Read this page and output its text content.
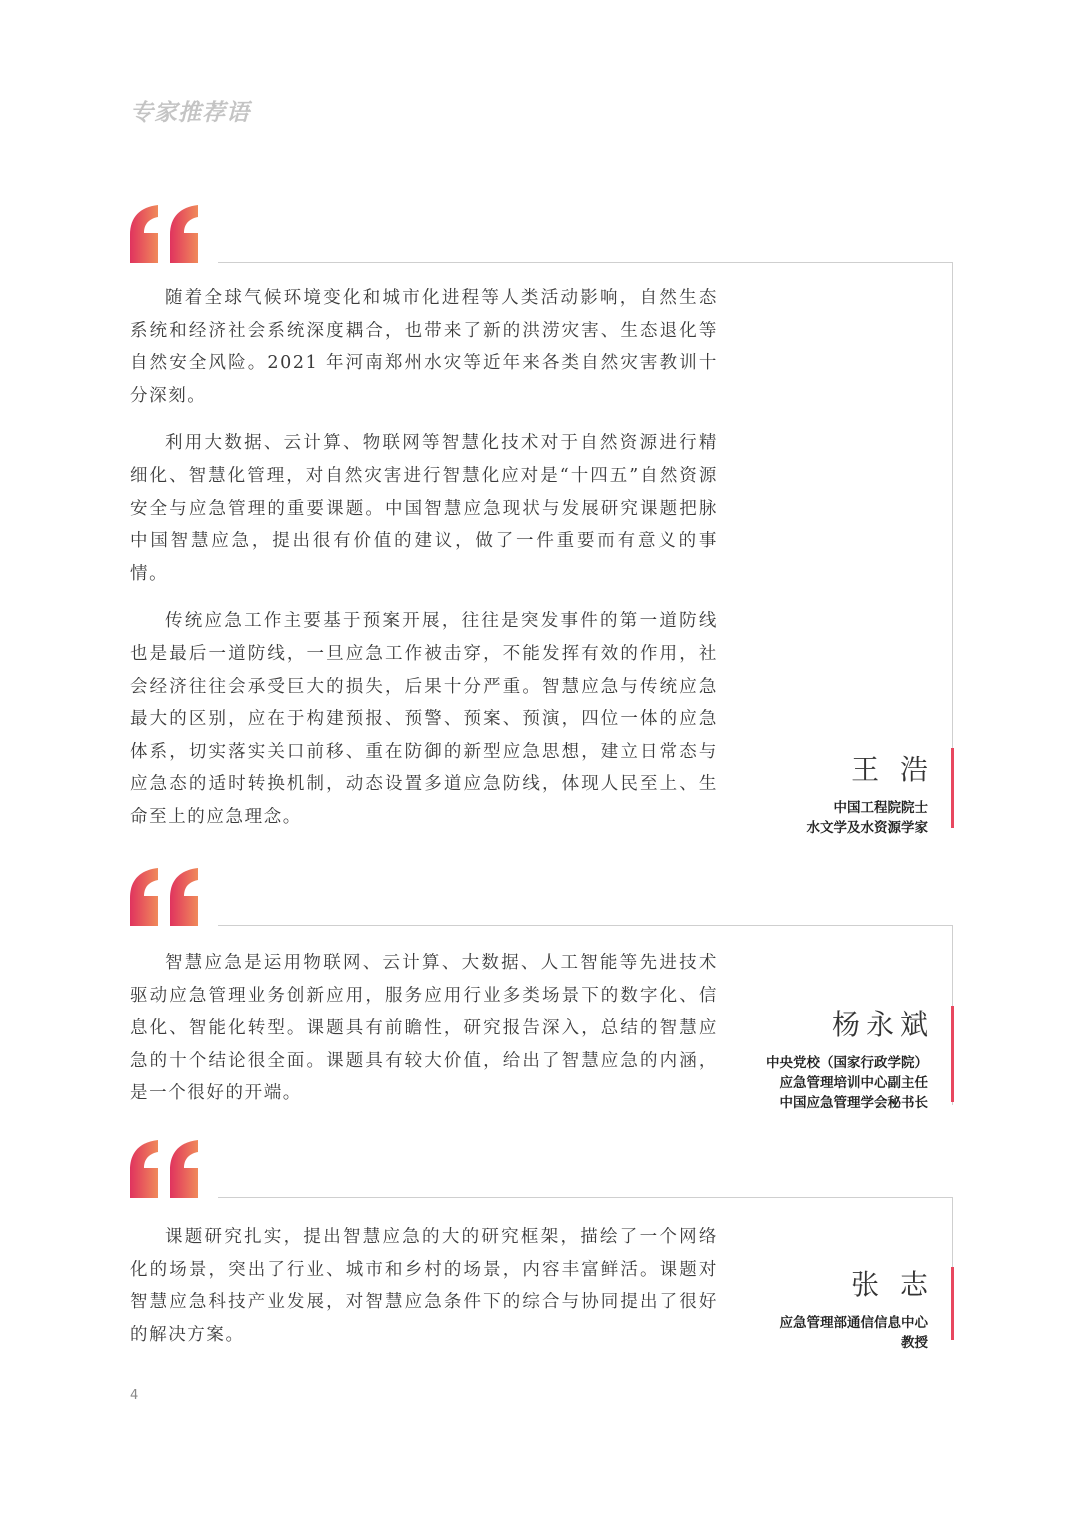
专家推荐语

随着全球气候环境变化和城市化进程等人类活动影响，自然生态系统和经济社会系统深度耦合，也带来了新的洪涝灾害、生态退化等自然安全风险。2021 年河南郑州水灾等近年来各类自然灾害教训十分深刻。

利用大数据、云计算、物联网等智慧化技术对于自然资源进行精细化、智慧化管理，对自然灾害进行智慧化应对是“十四五”自然资源安全与应急管理的重要课题。中国智慧应急现状与发展研究课题把脉中国智慧应急，提出很有价值的建议，做了一件重要而有意义的事情。

传统应急工作主要基于预案开展，往往是突发事件的第一道防线也是最后一道防线，一旦应急工作被击穿，不能发挥有效的作用，社会经济往往会承受巨大的损失，后果十分严重。智慧应急与传统应急最大的区别，应在于构建预报、预警、预案、预演，四位一体的应急体系，切实落实关口前移、重在防御的新型应急思想，建立日常态与应急态的适时转换机制，动态设置多道应急防线，体现人民至上、生命至上的应急理念。

王 浩
中国工程院院士
水文学及水资源学家

智慧应急是运用物联网、云计算、大数据、人工智能等先进技术驱动应急管理业务创新应用，服务应用行业多类场景下的数字化、信息化、智能化转型。课题具有前瞻性，研究报告深入，总结的智慧应急的十个结论很全面。课题具有较大价值，给出了智慧应急的内涵，是一个很好的开端。

杨永斌
中央党校（国家行政学院）
应急管理培训中心副主任
中国应急管理学会秘书长

课题研究扎实，提出智慧应急的大的研究框架，描绘了一个网络化的场景，突出了行业、城市和乡村的场景，内容丰富鲜活。课题对智慧应急科技产业发展，对智慧应急条件下的综合与协同提出了很好的解决方案。

张 志
应急管理部通信信息中心
教授
4
